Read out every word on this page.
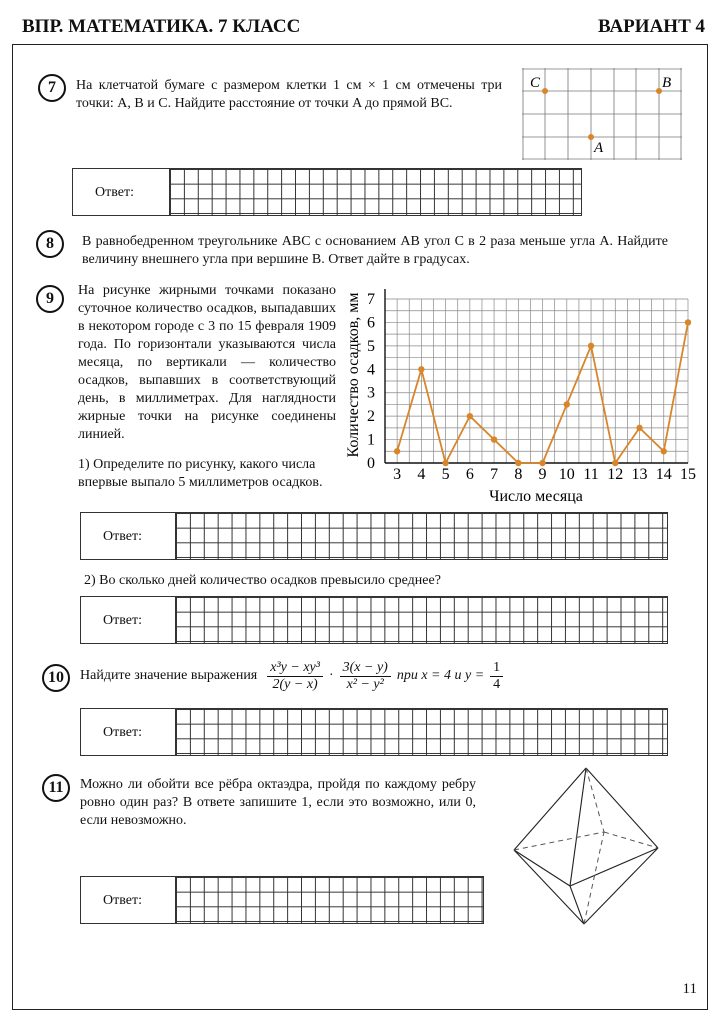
ВПР. МАТЕМАТИКА. 7 КЛАСС	ВАРИАНТ 4
7	На клетчатой бумаге с размером клетки 1 см × 1 см отмечены три точки: A, B и C. Найдите расстояние от точки A до прямой BC.
C	B
A
Ответ:
8	В равнобедренном треугольнике ABC с основанием AB угол C в 2 раза меньше угла A. Найдите величину внешнего угла при вершине B. Ответ дайте в градусах.
9	На рисунке жирными точками показано суточное количество осадков, выпадавших в некотором городе с 3 по 15 февраля 1909 года. По горизонтали указываются числа месяца, по вертикали — количество осадков, выпавших в соответствующий день, в миллиметрах. Для наглядности жирные точки на рисунке соединены линией.
1) Определите по рисунку, какого числа впервые выпало 5 миллиметров осадков.	3 4 5 6 7 8 9 10 11 12 13 14 15
0
1
2
3
4
5
6
7
Число месяца
Количество осадков, мм
Ответ:
2) Во сколько дней количество осадков превысило среднее?
Ответ:
10	Найдите значение выражения $\frac{\text{x³y − xy³}}{2(y - x)} \cdot \frac{3(x - y)}{\text{x² − y²}}$ при x = 4 и $y = \frac{1}{4}$
Ответ:
11	Можно ли обойти все рёбра октаэдра, пройдя по каждому ребру ровно один раз? В ответе запишите 1, если это возможно, или 0, если невозможно.
Ответ:
11
